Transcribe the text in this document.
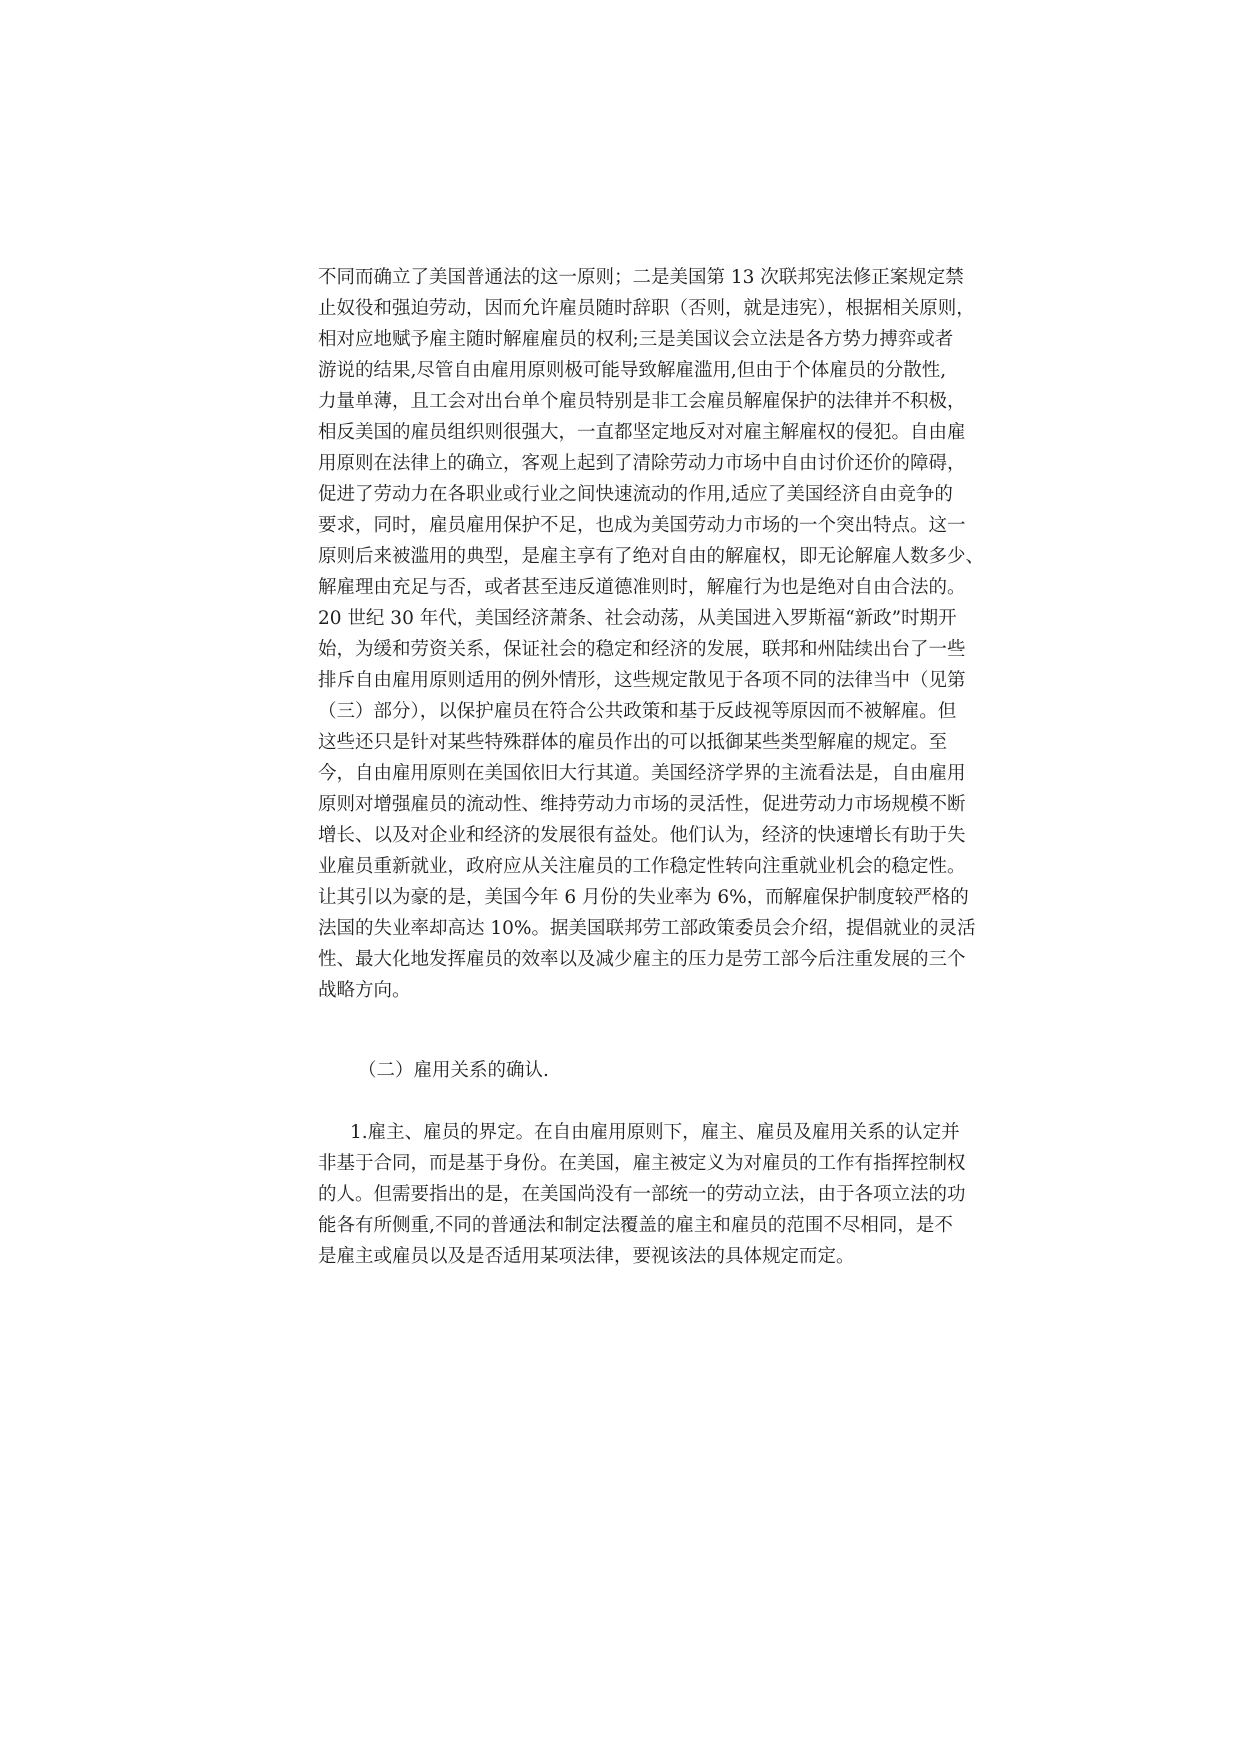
不同而确立了美国普通法的这一原则；二是美国第 13 次联邦宪法修正案规定禁
止奴役和强迫劳动，因而允许雇员随时辞职（否则，就是违宪），根据相关原则，
相对应地赋予雇主随时解雇雇员的权利;三是美国议会立法是各方势力搏弈或者
游说的结果,尽管自由雇用原则极可能导致解雇滥用,但由于个体雇员的分散性,
力量单薄，且工会对出台单个雇员特别是非工会雇员解雇保护的法律并不积极，
相反美国的雇员组织则很强大，一直都坚定地反对对雇主解雇权的侵犯。自由雇
用原则在法律上的确立，客观上起到了清除劳动力市场中自由讨价还价的障碍，
促进了劳动力在各职业或行业之间快速流动的作用,适应了美国经济自由竞争的
要求，同时，雇员雇用保护不足，也成为美国劳动力市场的一个突出特点。这一
原则后来被滥用的典型，是雇主享有了绝对自由的解雇权，即无论解雇人数多少、
解雇理由充足与否，或者甚至违反道德准则时，解雇行为也是绝对自由合法的。
20 世纪 30 年代，美国经济萧条、社会动荡，从美国进入罗斯福“新政”时期开
始，为缓和劳资关系，保证社会的稳定和经济的发展，联邦和州陆续出台了一些
排斥自由雇用原则适用的例外情形，这些规定散见于各项不同的法律当中（见第
（三）部分），以保护雇员在符合公共政策和基于反歧视等原因而不被解雇。但
这些还只是针对某些特殊群体的雇员作出的可以抵御某些类型解雇的规定。至
今，自由雇用原则在美国依旧大行其道。美国经济学界的主流看法是，自由雇用
原则对增强雇员的流动性、维持劳动力市场的灵活性，促进劳动力市场规模不断
增长、以及对企业和经济的发展很有益处。他们认为，经济的快速增长有助于失
业雇员重新就业，政府应从关注雇员的工作稳定性转向注重就业机会的稳定性。
让其引以为豪的是，美国今年 6 月份的失业率为 6%，而解雇保护制度较严格的
法国的失业率却高达 10%。据美国联邦劳工部政策委员会介绍，提倡就业的灵活
性、最大化地发挥雇员的效率以及减少雇主的压力是劳工部今后注重发展的三个
战略方向。
（二）雇用关系的确认.
1.雇主、雇员的界定。在自由雇用原则下，雇主、雇员及雇用关系的认定并
非基于合同，而是基于身份。在美国，雇主被定义为对雇员的工作有指挥控制权
的人。但需要指出的是，在美国尚没有一部统一的劳动立法，由于各项立法的功
能各有所侧重,不同的普通法和制定法覆盖的雇主和雇员的范围不尽相同，是不
是雇主或雇员以及是否适用某项法律，要视该法的具体规定而定。
